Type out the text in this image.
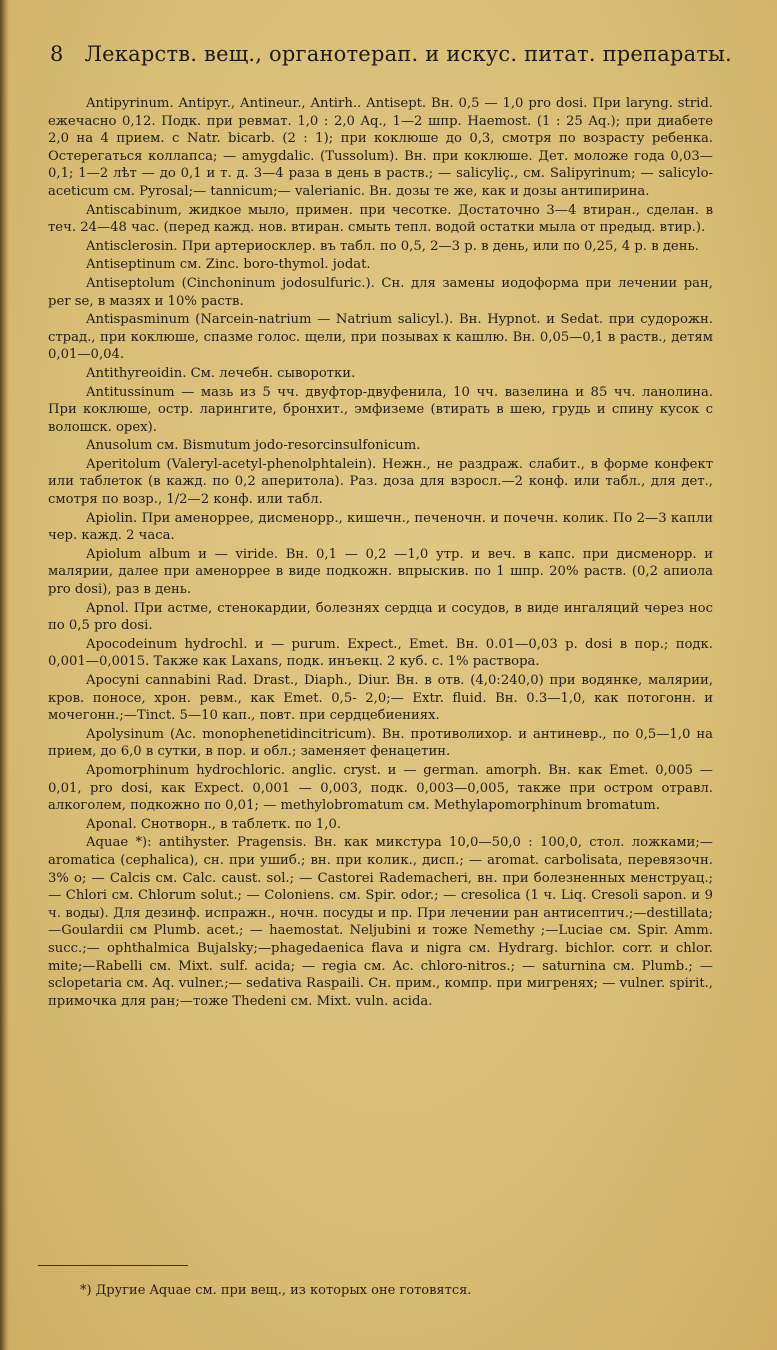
8 Лекарств. вещ., органотерап. и искус. питат. препараты.

Antipyrinum. Antipyr., Antineur., Antirh.. Antisept. Вн. 0,5 — 1,0 pro dosi. При laryng. strid. ежечасно 0,12. Подк. при ревмат. 1,0 : 2,0 Aq., 1—2 шпр. Haemost. (1 : 25 Aq.); при диабете 2,0 на 4 прием. с Natr. bicarb. (2 : 1); при коклюше до 0,3, смотря по возрасту ребенка. Остерегаться коллапса; — amygdalic. (Tussolum). Вн. при коклюше. Дет. моложе года 0,03—0,1; 1—2 лѣт — до 0,1 и т. д. 3—4 раза в день в раств.; — salicyliç., см. Salipyrinum; — salicylo-aceticum см. Pyrosal;— tannicum;— valerianic. Вн. дозы те же, как и дозы антипирина.

Antiscabinum, жидкое мыло, примен. при чесотке. Достаточно 3—4 втиран., сделан. в теч. 24—48 час. (перед кажд. нов. втиран. смыть тепл. водой остатки мыла от предыд. втир.).

Antisclerosin. При артериосклер. въ табл. по 0,5, 2—3 р. в день, или по 0,25, 4 р. в день.

Antiseptinum см. Zinc. boro-thymol. jodat.

Antiseptolum (Cinchoninum jodosulfuric.). Сн. для замены иодоформа при лечении ран, per se, в мазях и 10% раств.

Antispasminum (Narcein-natrium — Natrium salicyl.). Вн. Hypnot. и Sedat. при судорожн. страд., при коклюше, спазме голос. щели, при позывах к кашлю. Вн. 0,05—0,1 в раств., детям 0,01—0,04.

Antithyreoidin. См. лечебн. сыворотки.

Antitussinum — мазь из 5 чч. двуфтор-двуфенила, 10 чч. вазелина и 85 чч. ланолина. При коклюше, остр. ларингите, бронхит., эмфиземе (втирать в шею, грудь и спину кусок с волошск. орех).

Anusolum см. Bismutum jodo-resorcinsulfonicum.

Aperitolum (Valeryl-acetyl-phenolphtalein). Нежн., не раздраж. слабит., в форме конфект или таблеток (в кажд. по 0,2 аперитола). Раз. доза для взросл.—2 конф. или табл., для дет., смотря по возр., 1/2—2 конф. или табл.

Apiolin. При аменоррее, дисменорр., кишечн., печеночн. и почечн. колик. По 2—3 капли чер. кажд. 2 часа.

Apiolum album и — viride. Вн. 0,1 — 0,2 —1,0 утр. и веч. в капс. при дисменорр. и малярии, далее при аменоррее в виде подкожн. впрыскив. по 1 шпр. 20% раств. (0,2 апиола pro dosi), раз в день.

Apnol. При астме, стенокардии, болезнях сердца и сосудов, в виде ингаляций через нос по 0,5 pro dosi.

Apocodeinum hydrochl. и — purum. Expect., Emet. Вн. 0.01—0,03 p. dosi в пор.; подк. 0,001—0,0015. Также как Laxans, подк. инъекц. 2 куб. с. 1% раствора.

Apocyni cannabini Rad. Drast., Diaph., Diur. Вн. в отв. (4,0:240,0) при водянке, малярии, кров. поносе, хрон. ревм., как Emet. 0,5- 2,0;— Extr. fluid. Вн. 0.3—1,0, как потогонн. и мочегонн.;—Tinct. 5—10 кап., повт. при сердцебиениях.

Apolysinum (Ac. monophenetidincitricum). Вн. противолихор. и антиневр., по 0,5—1,0 на прием, до 6,0 в сутки, в пор. и обл.; заменяет фенацетин.

Apomorphinum hydrochloric. anglic. cryst. и — german. amorph. Вн. как Emet. 0,005 — 0,01, pro dosi, как Expect. 0,001 — 0,003, подк. 0,003—0,005, также при остром отравл. алкоголем, подкожно по 0,01; — methylobromatum см. Methylapomorphinum bromatum.

Aponal. Снотворн., в таблетк. по 1,0.

Aquae *): antihyster. Pragensis. Вн. как микстура 10,0—50,0 : 100,0, стол. ложками;—aromatica (cephalica), сн. при ушиб.; вн. при колик., дисп.; — aromat. carbolisata, перевязочн. 3% о; — Calcis см. Calc. caust. sol.; — Castorei Rademacheri, вн. при болезненных менструац.; — Chlori см. Chlorum solut.; — Coloniens. см. Spir. odor.; — cresolica (1 ч. Liq. Cresoli sapon. и 9 ч. воды). Для дезинф. испражн., ночн. посуды и пр. При лечении ран антисептич.;—destillata;—Goulardii см Plumb. acet.; — haemostat. Neljubini и тоже Nemethy ;—Luciae см. Spir. Amm. succ.;— ophthalmica Bujalsky;—phagedaenica flava и nigra см. Hydrarg. bichlor. corr. и chlor. mite;—Rabelli см. Mixt. sulf. acida; — regia см. Ac. chloro-nitros.; — saturnina см. Plumb.; — sclopetaria см. Aq. vulner.;— sedativa Raspaili. Сн. прим., компр. при мигренях; — vulner. spirit., примочка для ран;—тоже Thedeni см. Mixt. vuln. acida.

*) Другие Aquae см. при вещ., из которых оне готовятся.
